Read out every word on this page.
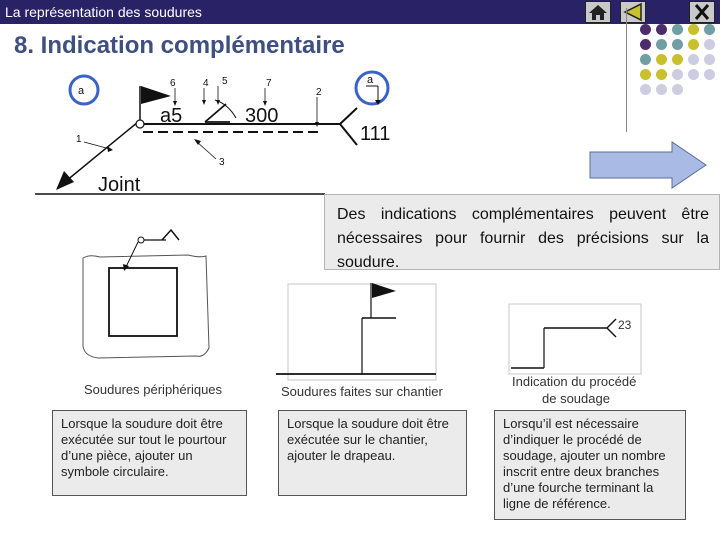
La représentation des soudures
8. Indication complémentaire
a
a
6	4 5	7
2
1
3
a5	300
111
Joint
Des indications complémentaires peuvent être nécessaires pour fournir des précisions sur la soudure.
Soudures périphériques	Soudures faites sur chantier
23
Indication du procédé
de soudage
Lorsque la soudure doit être exécutée sur tout le pourtour d’une pièce, ajouter un symbole circulaire.
Lorsque la soudure doit être exécutée sur le chantier, ajouter le drapeau.
Lorsqu’il est nécessaire d’indiquer le procédé de soudage, ajouter un nombre inscrit entre deux branches d’une fourche terminant la ligne de référence.
